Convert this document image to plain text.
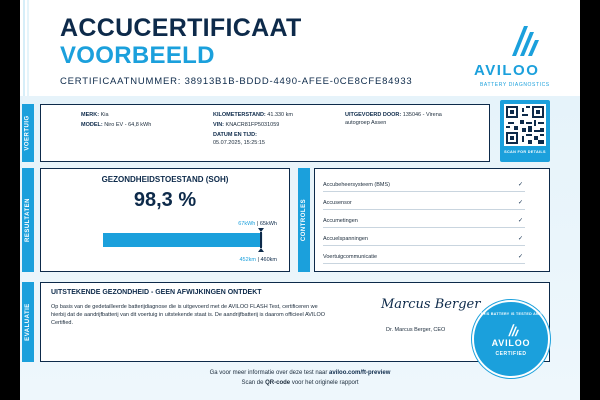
ACCUCERTIFICAAT
VOORBEELD
CERTIFICAATNUMMER: 38913B1B-BDDD-4490-AFEE-0CE8CFE84933
AVILOO
BATTERY DIAGNOSTICS
VOERTUIG
MERK: Kia
MODEL: Niro EV - 64,8 kWh
KILOMETERSTAND: 41.330 km
VIN: KNACR81FP5031059
DATUM EN TIJD:
05.07.2025, 15:25:15
UITGEVOERD DOOR: 135046 - Virena
autogroep Assen
SCAN FOR DETAILS
RESULTATEN
GEZONDHEIDSTOESTAND (SOH)
98,3 %
67kWh | 65kWh
452km | 460km
CONTROLES
Accubeheersysteem (BMS)	✓
Accusensor	✓
Accumetingen	✓
Accuelspanningen	✓
Voertuigcommunicatie	✓
EVALUATIE
UITSTEKENDE GEZONDHEID - GEEN AFWIJKINGEN ONTDEKT
Op basis van de gedetailleerde batterijdiagnose die is uitgevoerd met de AVILOO FLASH Test, certificeren we hierbij dat de aandrijfbatterij van dit voertuig in uitstekende staat is. De aandrijfbatterij is daarom officieel AVILOO Certified.
Marcus Berger
Dr. Marcus Berger, CEO
THIS BATTERY IS TESTED AND
AVILOO
CERTIFIED
Ga voor meer informatie over deze test naar aviloo.com/ft-preview
Scan de QR-code voor het originele rapport
